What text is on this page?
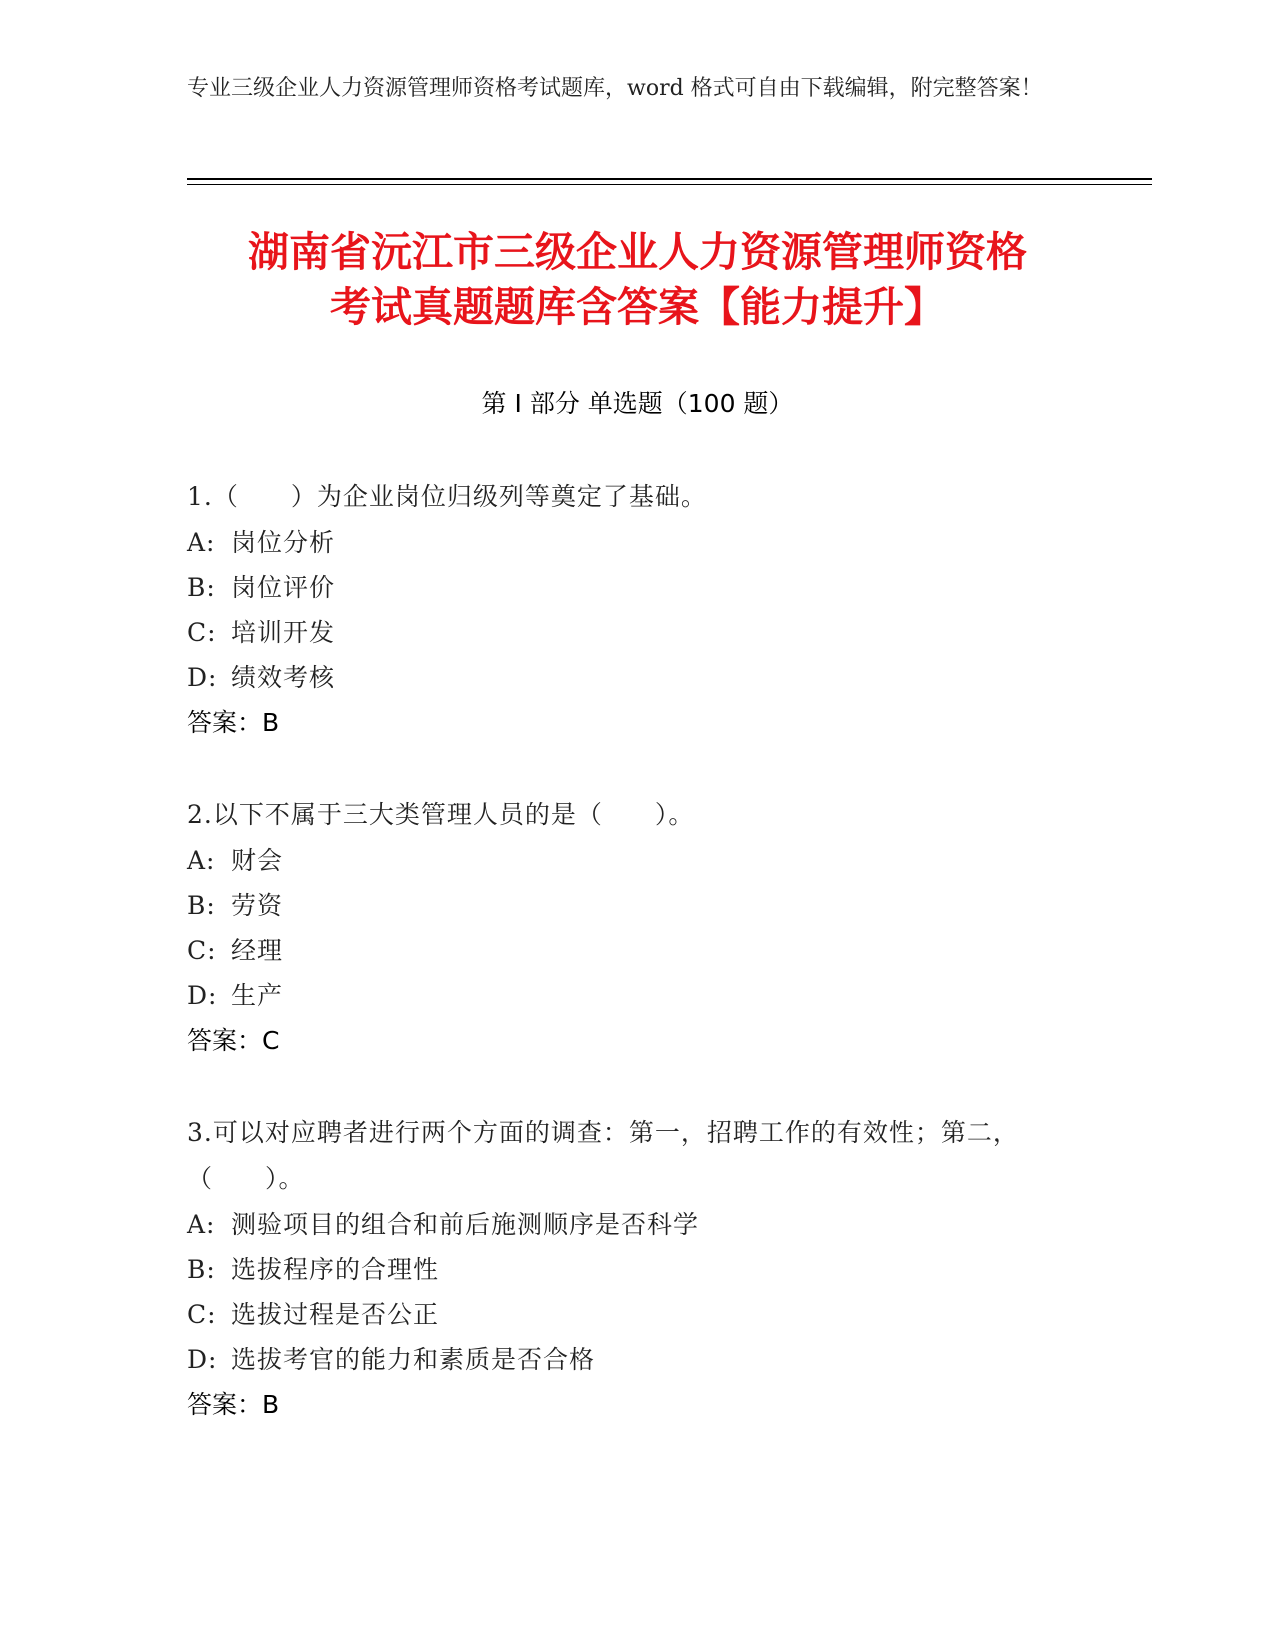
专业三级企业人力资源管理师资格考试题库，word 格式可自由下载编辑，附完整答案！
湖南省沅江市三级企业人力资源管理师资格
考试真题题库含答案【能力提升】
第 I 部分 单选题（100 题）
1.（　　）为企业岗位归级列等奠定了基础。
A: 岗位分析
B: 岗位评价
C: 培训开发
D: 绩效考核
答案：B
2.以下不属于三大类管理人员的是（　　）。
A: 财会
B: 劳资
C: 经理
D: 生产
答案：C
3.可以对应聘者进行两个方面的调查：第一，招聘工作的有效性；第二，（　　）。
A: 测验项目的组合和前后施测顺序是否科学
B: 选拔程序的合理性
C: 选拔过程是否公正
D: 选拔考官的能力和素质是否合格
答案：B
